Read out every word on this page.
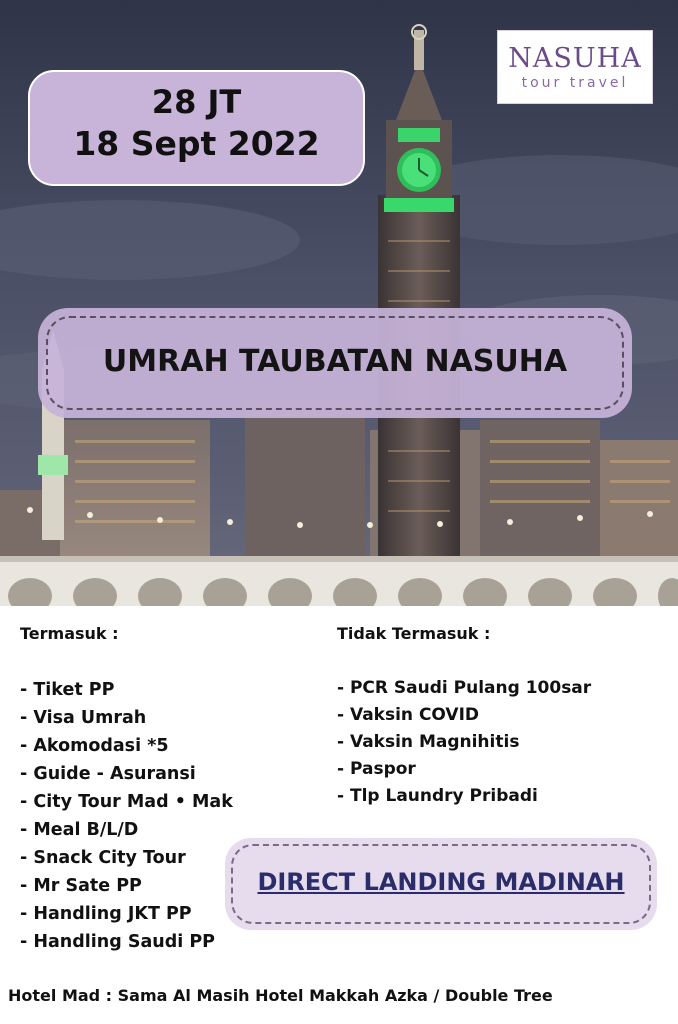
NASUHA
tour travel
28 JT
18 Sept 2022
UMRAH TAUBATAN NASUHA

Termasuk :

- Tiket PP
- Visa Umrah
- Akomodasi *5
- Guide - Asuransi
- City Tour Mad • Mak
- Meal B/L/D
- Snack City Tour
- Mr Sate PP
- Handling JKT PP
- Handling Saudi PP

Tidak Termasuk :

- PCR Saudi Pulang 100sar
- Vaksin COVID
- Vaksin Magnihitis
- Paspor
- Tlp Laundry Pribadi
DIRECT LANDING MADINAH
Hotel Mad : Sama Al Masih Hotel Makkah Azka / Double Tree
